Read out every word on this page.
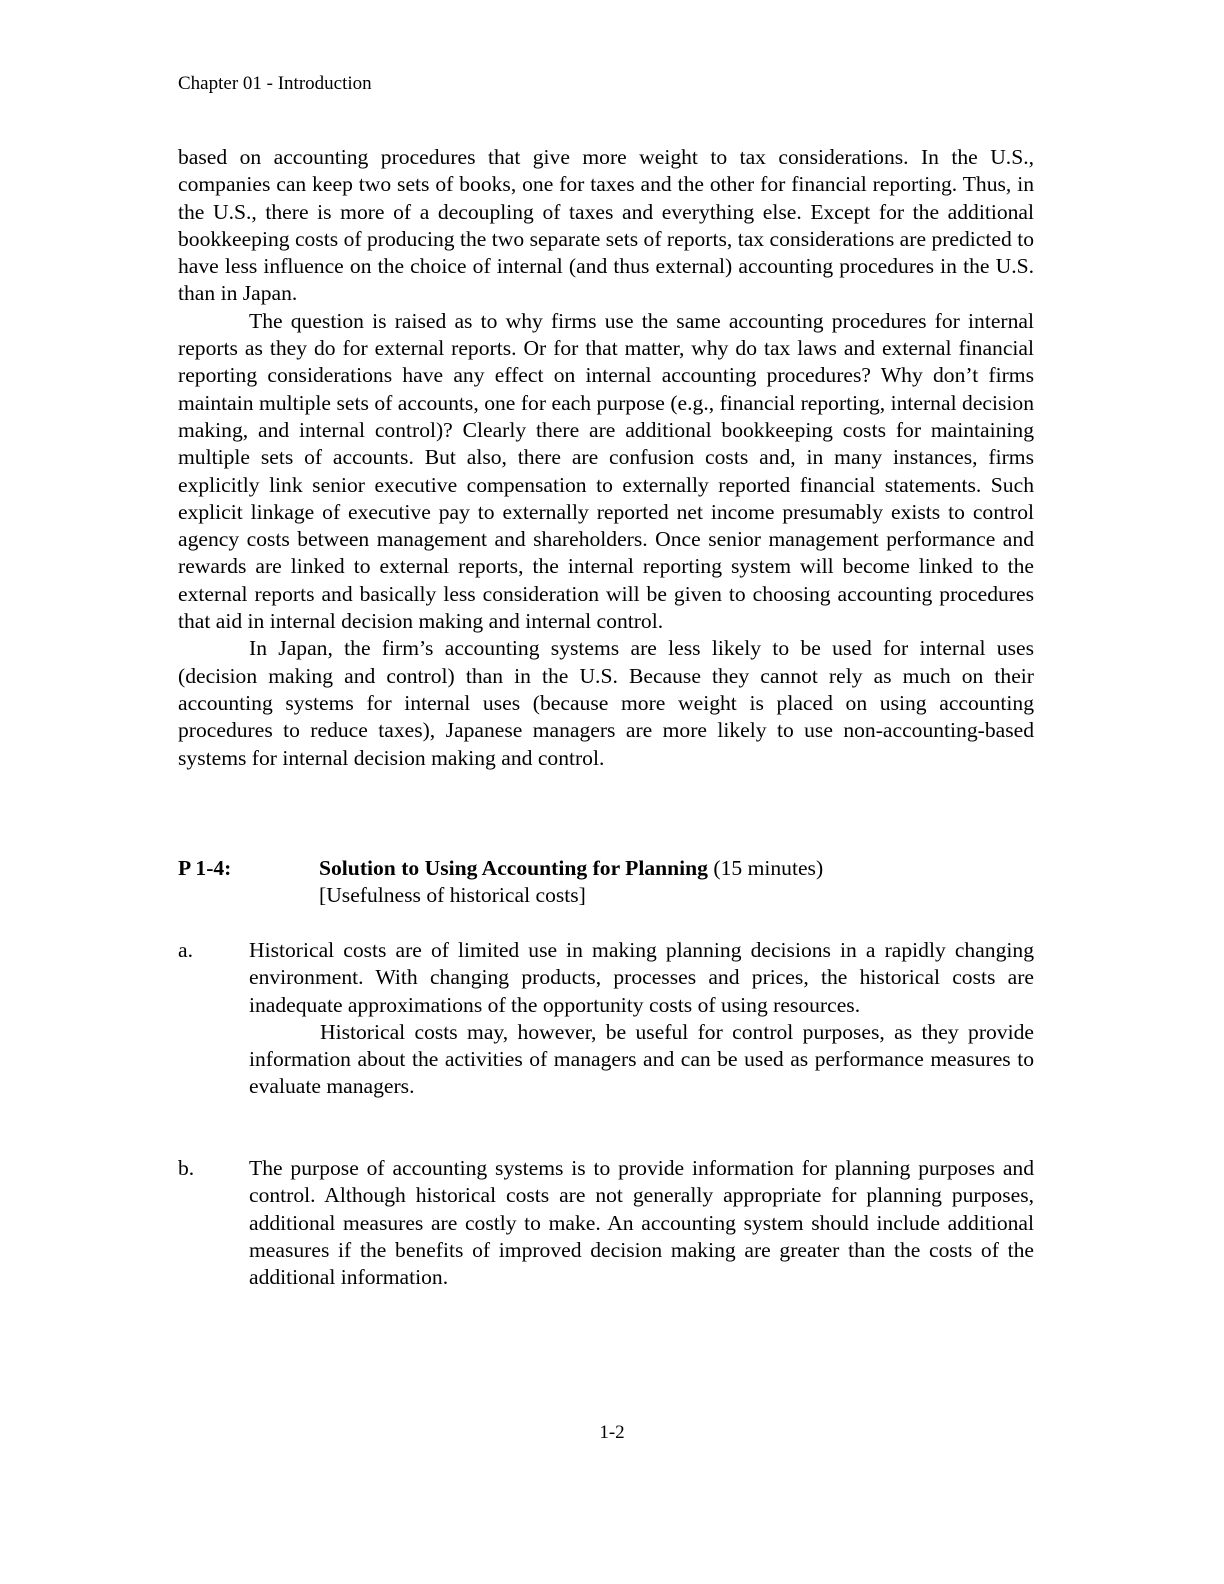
Chapter 01 - Introduction

based on accounting procedures that give more weight to tax considerations. In the U.S., companies can keep two sets of books, one for taxes and the other for financial reporting. Thus, in the U.S., there is more of a decoupling of taxes and everything else. Except for the additional bookkeeping costs of producing the two separate sets of reports, tax considerations are predicted to have less influence on the choice of internal (and thus external) accounting procedures in the U.S. than in Japan.

The question is raised as to why firms use the same accounting procedures for internal reports as they do for external reports. Or for that matter, why do tax laws and external financial reporting considerations have any effect on internal accounting procedures? Why don’t firms maintain multiple sets of accounts, one for each purpose (e.g., financial reporting, internal decision making, and internal control)? Clearly there are additional bookkeeping costs for maintaining multiple sets of accounts. But also, there are confusion costs and, in many instances, firms explicitly link senior executive compensation to externally reported financial statements. Such explicit linkage of executive pay to externally reported net income presumably exists to control agency costs between management and shareholders. Once senior management performance and rewards are linked to external reports, the internal reporting system will become linked to the external reports and basically less consideration will be given to choosing accounting procedures that aid in internal decision making and internal control.

In Japan, the firm’s accounting systems are less likely to be used for internal uses (decision making and control) than in the U.S. Because they cannot rely as much on their accounting systems for internal uses (because more weight is placed on using accounting procedures to reduce taxes), Japanese managers are more likely to use non-accounting-based systems for internal decision making and control.

P 1-4:	Solution to Using Accounting for Planning (15 minutes)
[Usefulness of historical costs]
a.	Historical costs are of limited use in making planning decisions in a rapidly changing environment. With changing products, processes and prices, the historical costs are inadequate approximations of the opportunity costs of using resources.

Historical costs may, however, be useful for control purposes, as they provide information about the activities of managers and can be used as performance measures to evaluate managers.

b.	The purpose of accounting systems is to provide information for planning purposes and control. Although historical costs are not generally appropriate for planning purposes, additional measures are costly to make. An accounting system should include additional measures if the benefits of improved decision making are greater than the costs of the additional information.

1-2
